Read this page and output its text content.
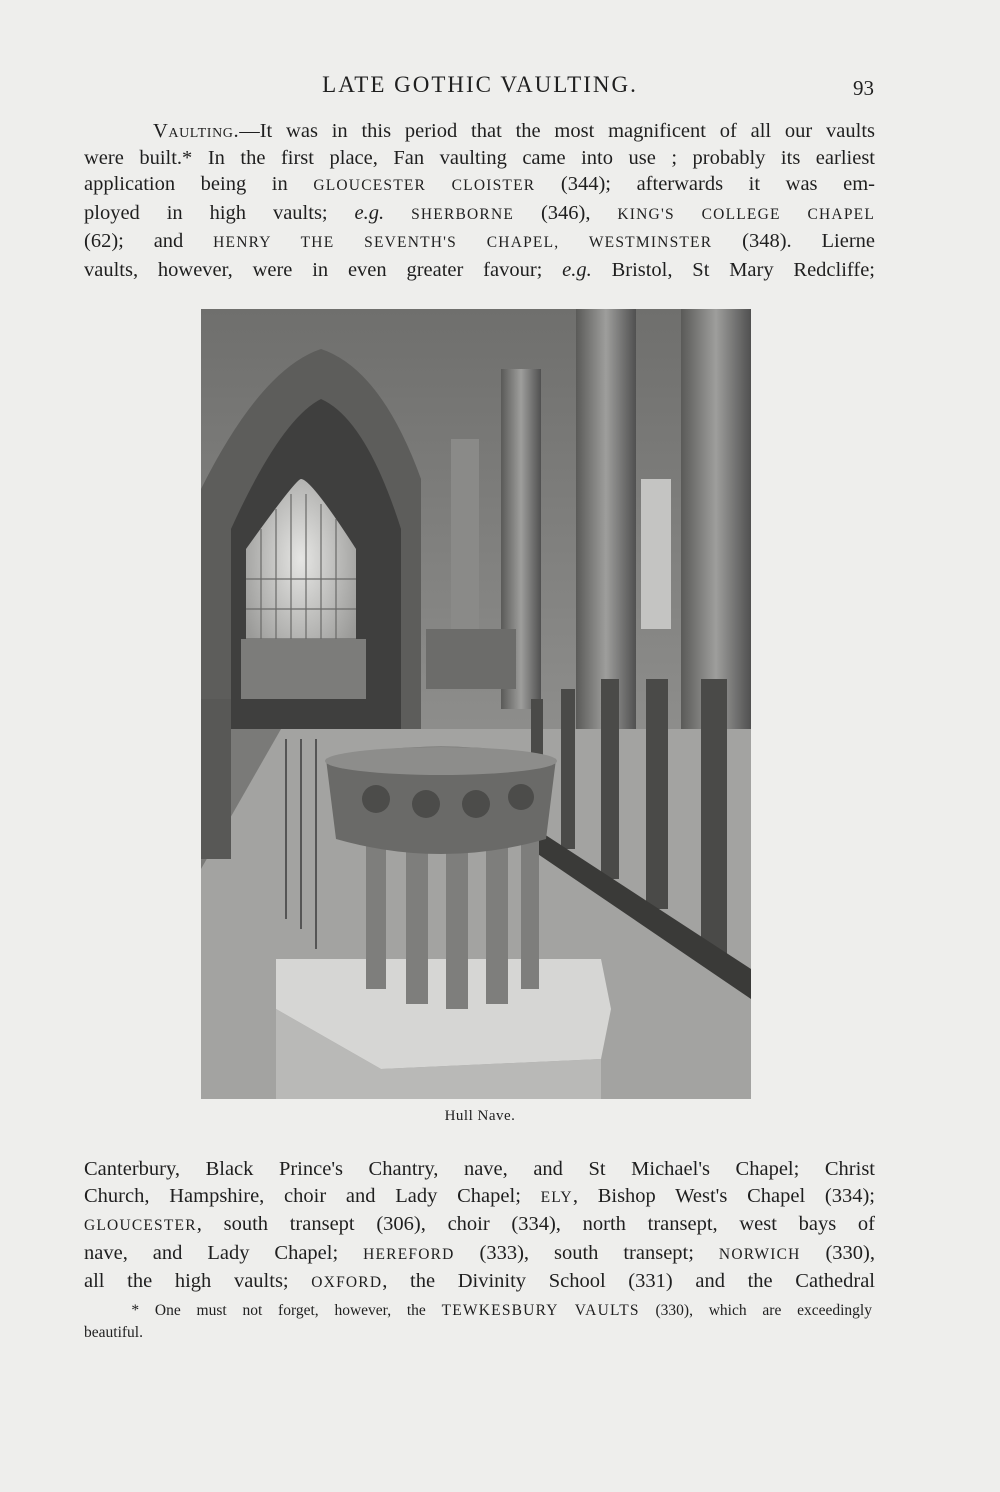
LATE GOTHIC VAULTING.	93
Vaulting.—It was in this period that the most magnificent of all our vaults
were built.* In the first place, Fan vaulting came into use ; probably its earliest
application being in GLOUCESTER CLOISTER (344); afterwards it was em-
ployed in high vaults; e.g. SHERBORNE (346), KING'S COLLEGE CHAPEL
(62); and HENRY THE SEVENTH'S CHAPEL, WESTMINSTER (348). Lierne
vaults, however, were in even greater favour; e.g. Bristol, St Mary Redcliffe;
Hull Nave.
Canterbury, Black Prince's Chantry, nave, and St Michael's Chapel; Christ
Church, Hampshire, choir and Lady Chapel; ELY, Bishop West's Chapel (334);
GLOUCESTER, south transept (306), choir (334), north transept, west bays of
nave, and Lady Chapel; HEREFORD (333), south transept; NORWICH (330),
all the high vaults; OXFORD, the Divinity School (331) and the Cathedral
* One must not forget, however, the TEWKESBURY VAULTS (330), which are exceedingly
beautiful.
